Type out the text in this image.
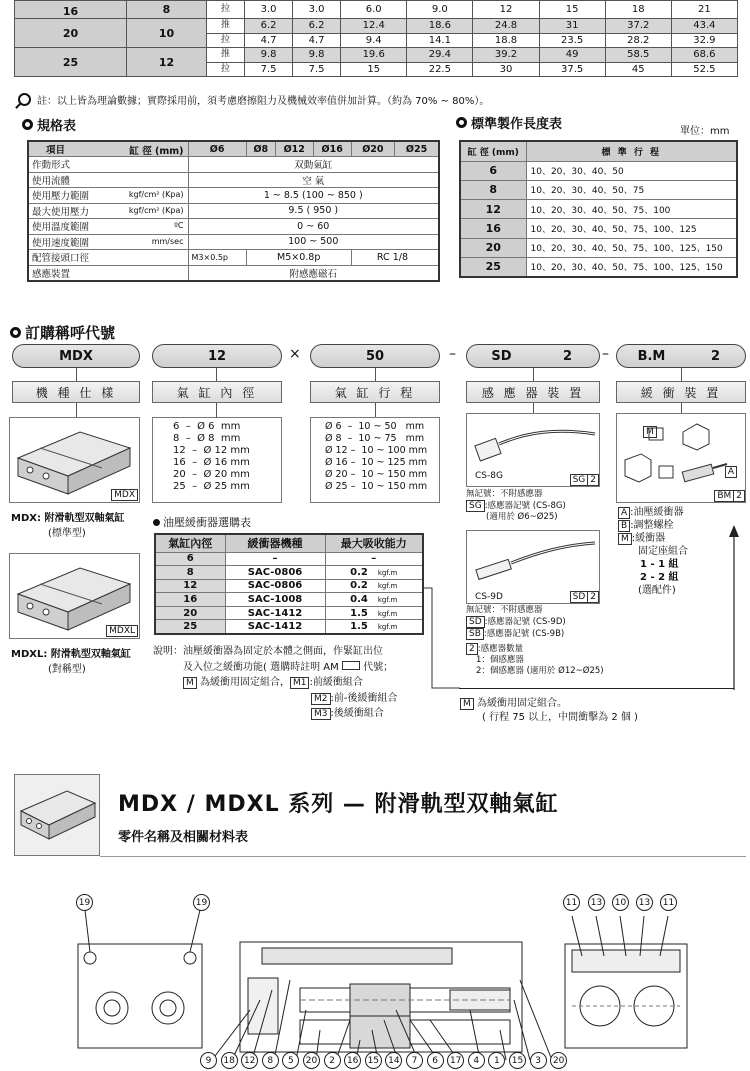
16	8	拉	3.0	3.0	6.0	9.0	12	15	18	21
20	10	推	6.2	6.2	12.4	18.6	24.8	31	37.2	43.4
		拉	4.7	4.7	9.4	14.1	18.8	23.5	28.2	32.9
25	12	推	9.8	9.8	19.6	29.4	39.2	49	58.5	68.6
		拉	7.5	7.5	15	22.5	30	37.5	45	52.5
註：以上皆為理論數據；實際採用前，須考慮磨擦阻力及機械效率值併加計算。（約為 70% ~ 80%）。
規格表	標準製作長度表	單位：mm
項目 缸 徑 (mm)	Ø6	Ø8	Ø12	Ø16	Ø20	Ø25
作動形式	双動氣缸					
使用流體	空 氣					
使用壓力範圍 kgf/cm² (Kpa)	1 ~ 8.5 (100 ~ 850 )					
最大使用壓力 kgf/cm² (Kpa)	9.5 ( 950 )					
使用溫度範圍 ºC	0 ~ 60					
使用速度範圍 mm/sec	100 ~ 500					
配管接頭口徑	M3×0.5p	M5×0.8p			RC 1/8	
感應裝置	附感應磁石					
缸 徑 (mm)	標 準 行 程
6	10、20、30、40、50
8	10、20、30、40、50、75
12	10、20、30、40、50、75、100
16	10、20、30、40、50、75、100、125
20	10、20、30、40、50、75、100、125、150
25	10、20、30、40、50、75、100、125、150
訂購稱呼代號
MDX	12	×	50	–	SD	2	–	B.M	2
機 種 仕 樣	氣 缸 內 徑	氣 缸 行 程	感 應 器 裝 置	緩 衝 裝 置
MDX
MDX: 附滑軌型双軸氣缸
(標準型)
MDXL
MDXL: 附滑軌型双軸氣缸
(對稱型)
6  –  Ø 6  mm
8  –  Ø 8  mm
12  –  Ø 12 mm
16  –  Ø 16 mm
20  –  Ø 20 mm
25  –  Ø 25 mm
Ø 6  –  10 ~ 50   mm
Ø 8  –  10 ~ 75   mm
Ø 12 –  10 ~ 100 mm
Ø 16 –  10 ~ 125 mm
Ø 20 –  10 ~ 150 mm
Ø 25 –  10 ~ 150 mm
CS-8G	SG 2
無記號：不附感應器
SG :感應器記號 (CS-8G)
(適用於 Ø6~Ø25)
CS-9D	SD 2
無記號：不附感應器
SD :感應器記號 (CS-9D)
SB :感應器記號 (CS-9B)
2 :感應器數量
1：個感應器
2：個感應器 (適用於 Ø12~Ø25)
M
A
BM 2
A :油壓緩衝器
B :調整螺栓
M :緩衝器
固定座組合
1 - 1 組
2 - 2 組
(選配件)
M 為緩衝用固定組合。
( 行程 75 以上，中間衝擊為 2 個 )
油壓緩衝器選購表
氣缸內徑	緩衝器機種	最大吸收能力
6	–	–
8	SAC-0806	0.2 kgf.m
12	SAC-0806	0.2 kgf.m
16	SAC-1008	0.4 kgf.m
20	SAC-1412	1.5 kgf.m
25	SAC-1412	1.5 kgf.m
說明：油壓緩衝器為固定於本體之側面，作緊缸出位
及入位之緩衝功能( 選購時註明 AM 代號；
M 為緩衝用固定組合， M1 :前緩衝組合
M2 :前-後緩衝組合
M3 :後緩衝組合
MDX / MDXL 系列 — 附滑軌型双軸氣缸
零件名稱及相關材料表
19	19	11	13	10	13	11
9	18	12	8	5	20	2	16	15	14	7	6	17	4	1	15	3	20
